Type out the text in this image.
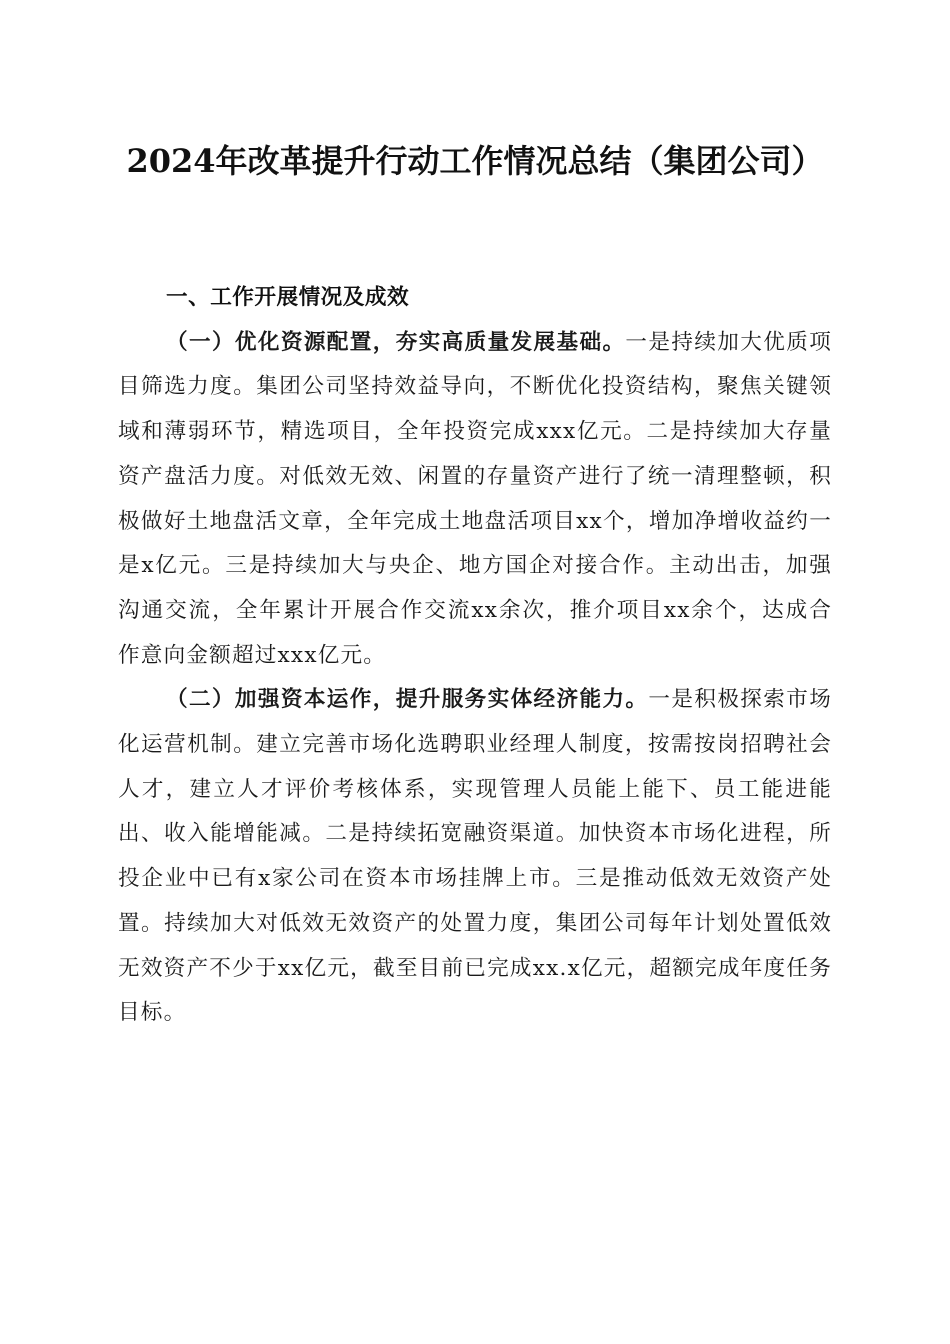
2024年改革提升行动工作情况总结（集团公司）

一、工作开展情况及成效

（一）优化资源配置，夯实高质量发展基础。一是持续加大优质项目筛选力度。集团公司坚持效益导向，不断优化投资结构，聚焦关键领域和薄弱环节，精选项目，全年投资完成xxx亿元。二是持续加大存量资产盘活力度。对低效无效、闲置的存量资产进行了统一清理整顿，积极做好土地盘活文章，全年完成土地盘活项目xx个，增加净增收益约一是x亿元。三是持续加大与央企、地方国企对接合作。主动出击，加强沟通交流，全年累计开展合作交流xx余次，推介项目xx余个，达成合作意向金额超过xxx亿元。

（二）加强资本运作，提升服务实体经济能力。一是积极探索市场化运营机制。建立完善市场化选聘职业经理人制度，按需按岗招聘社会人才，建立人才评价考核体系，实现管理人员能上能下、员工能进能出、收入能增能减。二是持续拓宽融资渠道。加快资本市场化进程，所投企业中已有x家公司在资本市场挂牌上市。三是推动低效无效资产处置。持续加大对低效无效资产的处置力度，集团公司每年计划处置低效无效资产不少于xx亿元，截至目前已完成xx.x亿元，超额完成年度任务目标。
